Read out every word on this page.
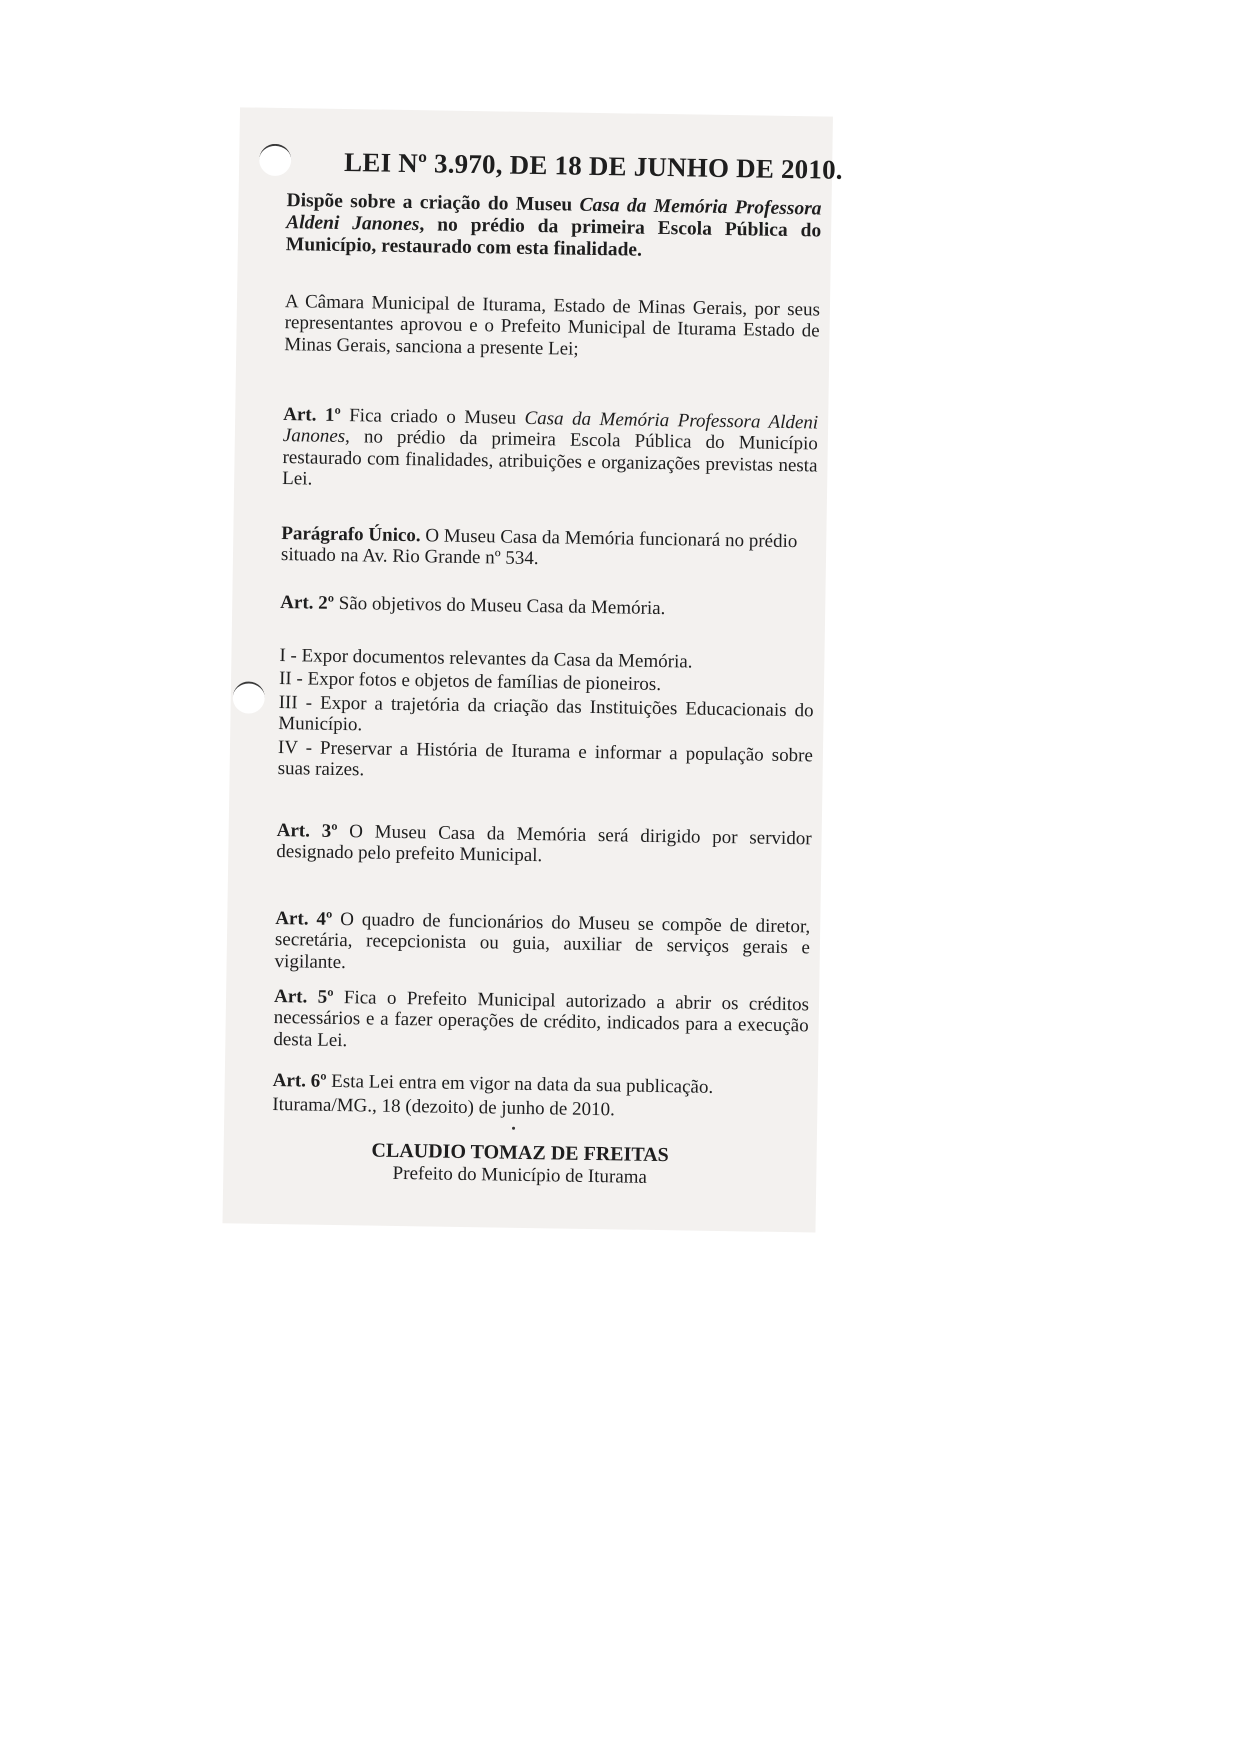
LEI Nº 3.970, DE 18 DE JUNHO DE 2010.

Dispõe sobre a criação do Museu Casa da Memória Professora Aldeni Janones, no prédio da primeira Escola Pública do Município, restaurado com esta finalidade.

A Câmara Municipal de Iturama, Estado de Minas Gerais, por seus representantes aprovou e o Prefeito Municipal de Iturama Estado de Minas Gerais, sanciona a presente Lei;

Art. 1º Fica criado o Museu Casa da Memória Professora Aldeni Janones, no prédio da primeira Escola Pública do Município restaurado com finalidades, atribuições e organizações previstas nesta Lei.

Parágrafo Único. O Museu Casa da Memória funcionará no prédio situado na Av. Rio Grande nº 534.

Art. 2º São objetivos do Museu Casa da Memória.

I - Expor documentos relevantes da Casa da Memória.

II - Expor fotos e objetos de famílias de pioneiros.

III - Expor a trajetória da criação das Instituições Educacionais do Município.

IV - Preservar a História de Iturama e informar a população sobre suas raizes.

Art. 3º O Museu Casa da Memória será dirigido por servidor designado pelo prefeito Municipal.

Art. 4º O quadro de funcionários do Museu se compõe de diretor, secretária, recepcionista ou guia, auxiliar de serviços gerais e vigilante.

Art. 5º Fica o Prefeito Municipal autorizado a abrir os créditos necessários e a fazer operações de crédito, indicados para a execução desta Lei.

Art. 6º Esta Lei entra em vigor na data da sua publicação.

Iturama/MG., 18 (dezoito) de junho de 2010.

CLAUDIO TOMAZ DE FREITAS

Prefeito do Município de Iturama
